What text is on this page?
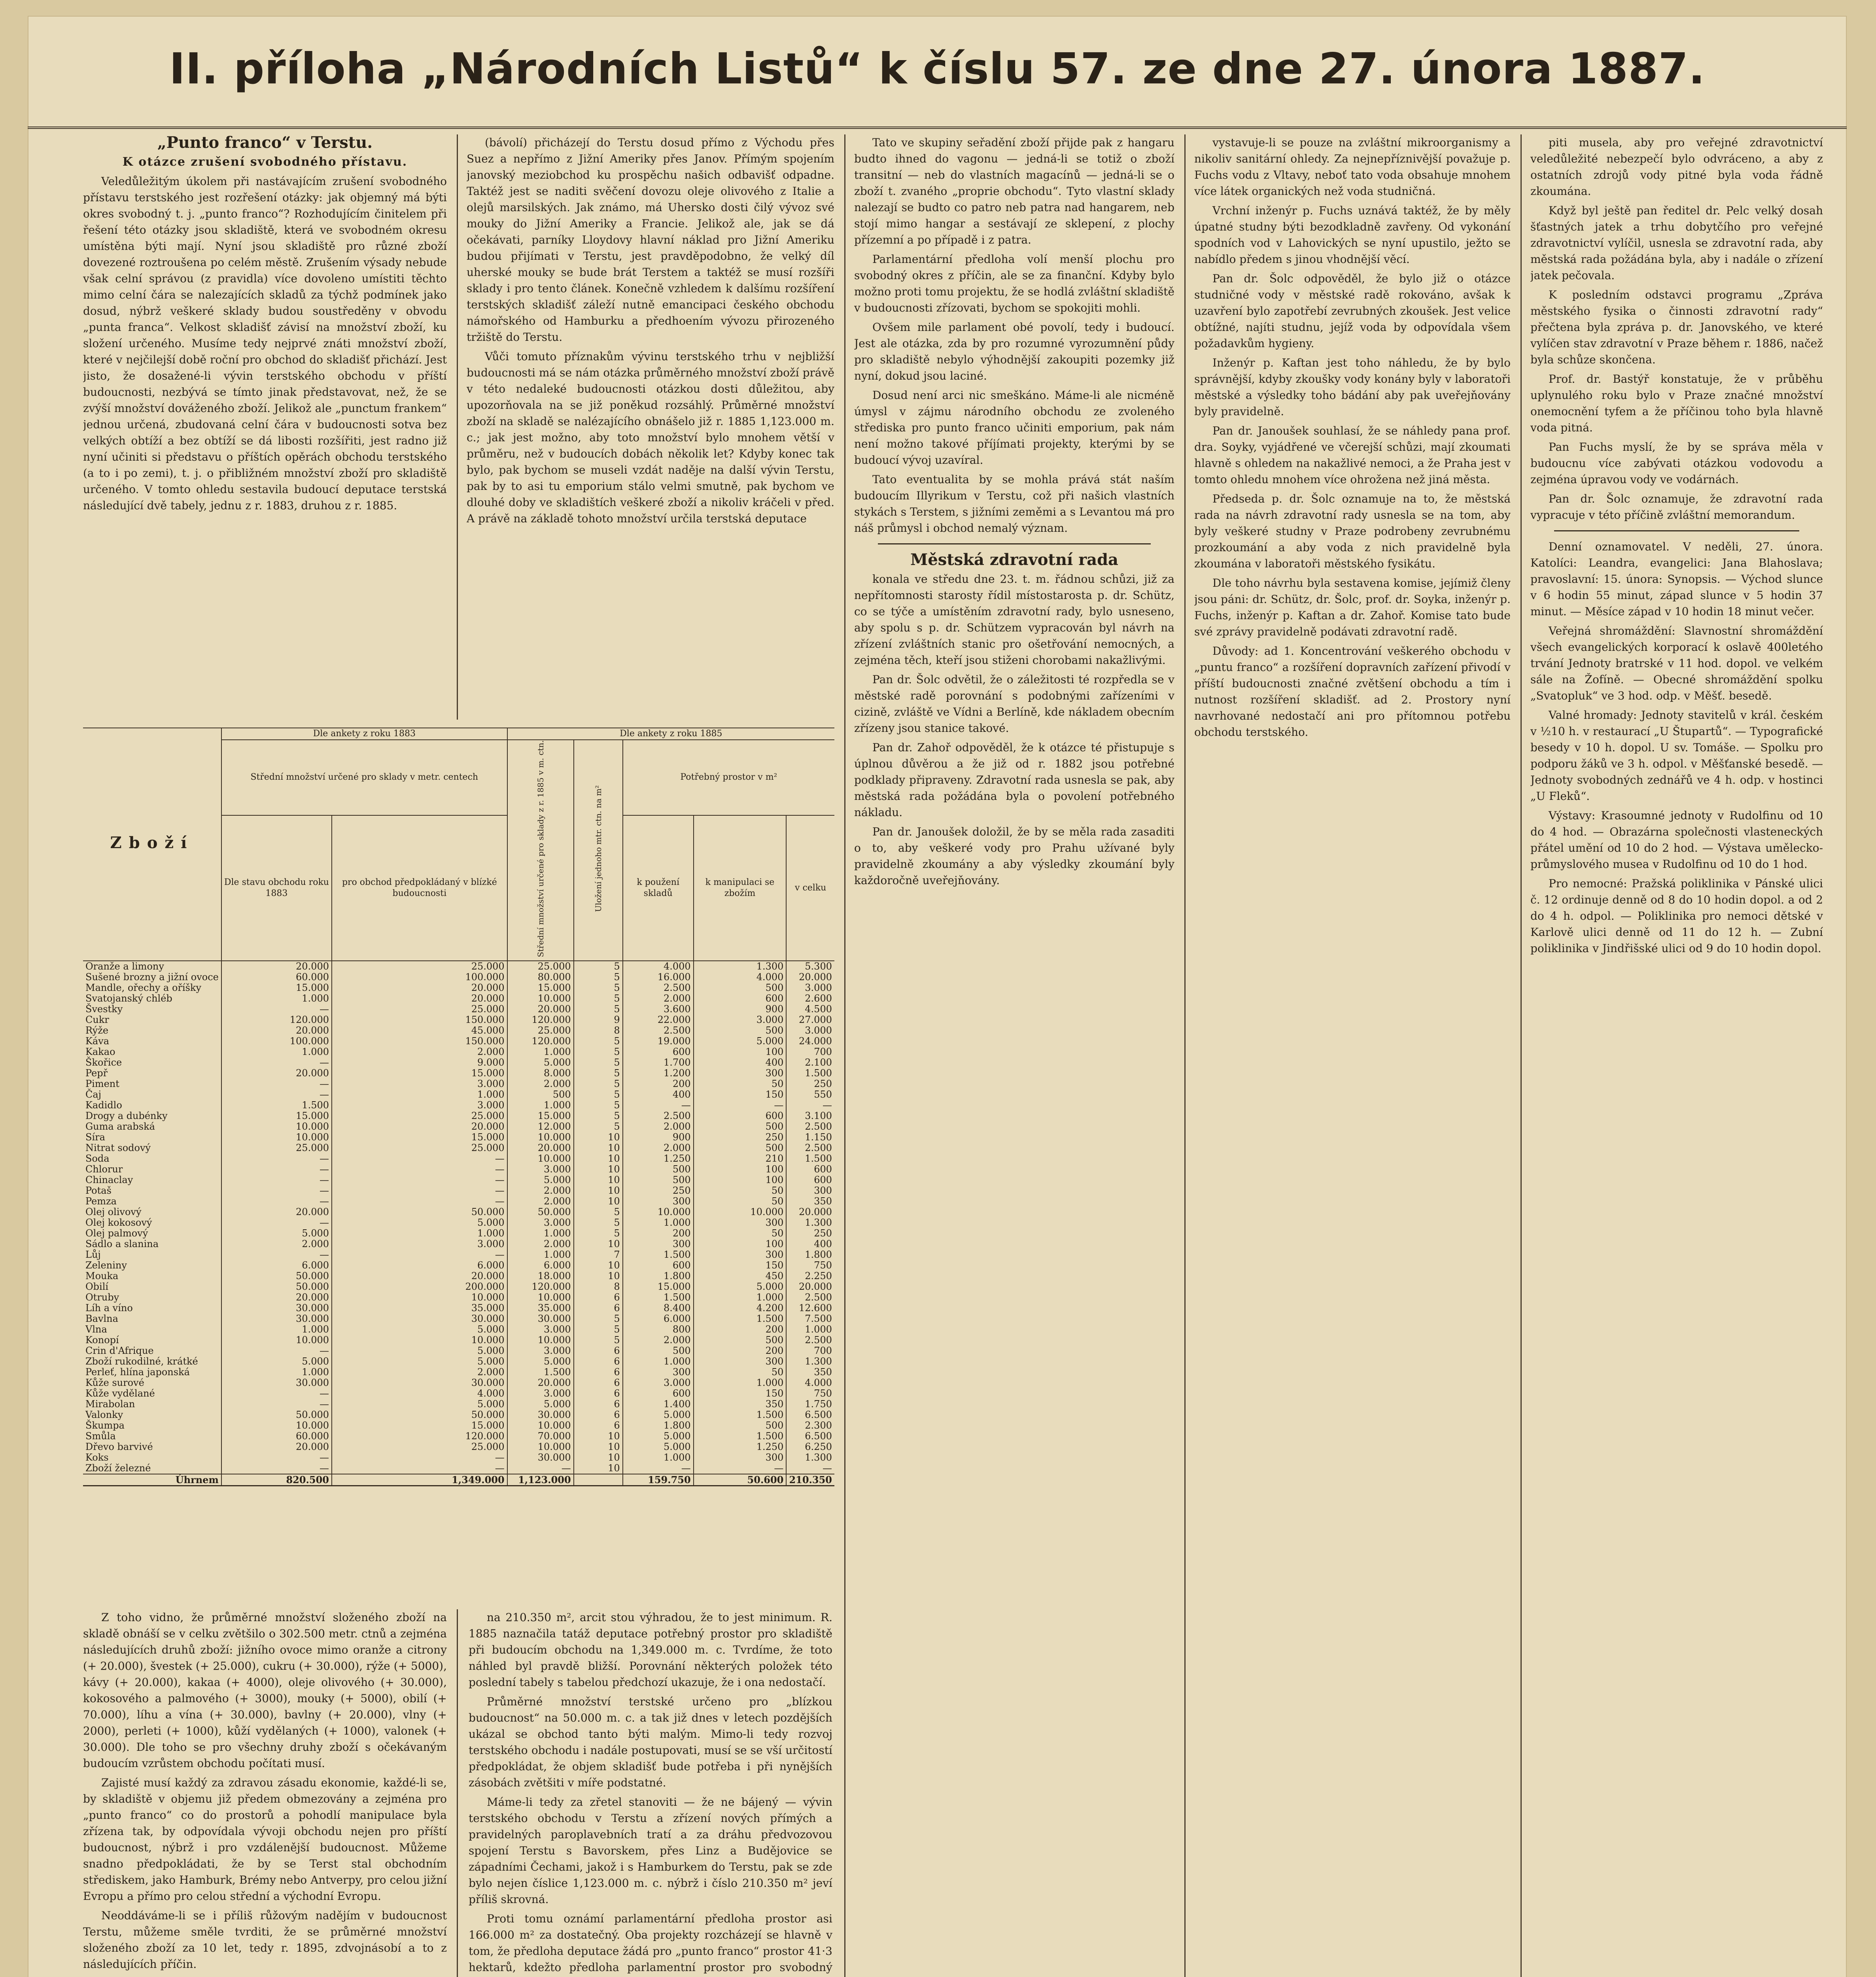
II. příloha „Národních Listů“ k číslu 57. ze dne 27. února 1887.

„Punto franco“ v Terstu.

K otázce zrušení svobodného přístavu.

Veledůležitým úkolem při nastávajícím zrušení svobodného přístavu terstského jest rozřešení otázky: jak objemný má býti okres svobodný t. j. „punto franco“? Rozhodujícím činitelem při řešení této otázky jsou skladiště, která ve svobodném okresu umístěna býti mají. Nyní jsou skladiště pro různé zboží dovezené roztroušena po celém městě. Zrušením výsady nebude však celní správou (z pravidla) více dovoleno umístiti těchto mimo celní čára se nalezajících skladů za týchž podmínek jako dosud, nýbrž veškeré sklady budou soustředěny v obvodu „punta franca“. Velkost skladišť závisí na množství zboží, ku složení určeného. Musíme tedy nejprvé znáti množství zboží, které v nejčilejší době roční pro obchod do skladišť přichází. Jest jisto, že dosažené-li vývin terstského obchodu v příští budoucnosti, nezbývá se tímto jinak představovat, než, že se zvýší množství dováženého zboží. Jelikož ale „punctum frankem“ jednou určená, zbudovaná celní čára v budoucnosti sotva bez velkých obtíží a bez obtíží se dá libosti rozšířiti, jest radno již nyní učiniti si představu o příštích opěrách obchodu terstského (a to i po zemi), t. j. o přibližném množství zboží pro skladiště určeného. V tomto ohledu sestavila budoucí deputace terstská následující dvě tabely, jednu z r. 1883, druhou z r. 1885.

(bávolí) přicházejí do Terstu dosud přímo z Východu přes Suez a nepřímo z Jižní Ameriky přes Janov. Přímým spojením janovský meziobchod ku prospěchu našich odbavišť odpadne. Taktéž jest se naditi svěčení dovozu oleje olivového z Italie a olejů marsilských. Jak známo, má Uhersko dosti čilý vývoz své mouky do Jižní Ameriky a Francie. Jelikož ale, jak se dá očekávati, parníky Lloydovy hlavní náklad pro Jižní Ameriku budou přijímati v Terstu, jest pravděpodobno, že velký díl uherské mouky se bude brát Terstem a taktéž se musí rozšíři sklady i pro tento článek. Konečně vzhledem k dalšímu rozšíření terstských skladišť záleží nutně emancipaci českého obchodu námořského od Hamburku a předhoením vývozu přirozeného tržiště do Terstu.

Vůči tomuto příznakům vývinu terstského trhu v nejbližší budoucnosti má se nám otázka průměrného množství zboží právě v této nedaleké budoucnosti otázkou dosti důležitou, aby upozorňovala na se již poněkud rozsáhlý. Průměrné množství zboží na skladě se nalézajícího obnášelo již r. 1885 1,123.000 m. c.; jak jest možno, aby toto množství bylo mnohem větší v průměru, než v budoucích dobách několik let? Kdyby konec tak bylo, pak bychom se museli vzdát naděje na další vývin Terstu, pak by to asi tu emporium stálo velmi smutně, pak bychom ve dlouhé doby ve skladištích veškeré zboží a nikoliv kráčeli v před. A právě na základě tohoto množství určila terstská deputace

Zboží	Dle ankety z roku 1883		Dle ankety z roku 1885				
	Střední množství určené pro sklady v metr. centech		Střední množství určené pro sklady z r. 1885 v m. ctn.	Uložení jednoho mtr. ctn. na m²	Potřebný prostor v m²		
	Dle stavu obchodu roku 1883	pro obchod předpokládaný v blízké budoucnosti			k použení skladů	k manipulaci se zbožím	v celku
Oranže a limony	20.000	25.000	25.000	5	4.000	1.300	5.300
Sušené brozny a jižní ovoce	60.000	100.000	80.000	5	16.000	4.000	20.000
Mandle, ořechy a oříšky	15.000	20.000	15.000	5	2.500	500	3.000
Svatojanský chléb	1.000	20.000	10.000	5	2.000	600	2.600
Švestky	—	25.000	20.000	5	3.600	900	4.500
Cukr	120.000	150.000	120.000	9	22.000	3.000	27.000
Rýže	20.000	45.000	25.000	8	2.500	500	3.000
Káva	100.000	150.000	120.000	5	19.000	5.000	24.000
Kakao	1.000	2.000	1.000	5	600	100	700
Škořice	—	9.000	5.000	5	1.700	400	2.100
Pepř	20.000	15.000	8.000	5	1.200	300	1.500
Piment	—	3.000	2.000	5	200	50	250
Čaj	—	1.000	500	5	400	150	550
Kadidlo	1.500	3.000	1.000	5	—	—	—
Drogy a dubénky	15.000	25.000	15.000	5	2.500	600	3.100
Guma arabská	10.000	20.000	12.000	5	2.000	500	2.500
Síra	10.000	15.000	10.000	10	900	250	1.150
Nitrat sodový	25.000	25.000	20.000	10	2.000	500	2.500
Soda	—	—	10.000	10	1.250	210	1.500
Chlorur	—	—	3.000	10	500	100	600
Chinaclay	—	—	5.000	10	500	100	600
Potaš	—	—	2.000	10	250	50	300
Pemza	—	—	2.000	10	300	50	350
Olej olivový	20.000	50.000	50.000	5	10.000	10.000	20.000
Olej kokosový	—	5.000	3.000	5	1.000	300	1.300
Olej palmový	5.000	1.000	1.000	5	200	50	250
Sádlo a slanina	2.000	3.000	2.000	10	300	100	400
Lůj	—	—	1.000	7	1.500	300	1.800
Zeleniny	6.000	6.000	6.000	10	600	150	750
Mouka	50.000	20.000	18.000	10	1.800	450	2.250
Obilí	50.000	200.000	120.000	8	15.000	5.000	20.000
Otruby	20.000	10.000	10.000	6	1.500	1.000	2.500
Líh a víno	30.000	35.000	35.000	6	8.400	4.200	12.600
Bavlna	30.000	30.000	30.000	5	6.000	1.500	7.500
Vlna	1.000	5.000	3.000	5	800	200	1.000
Konopí	10.000	10.000	10.000	5	2.000	500	2.500
Crin d'Afrique	—	5.000	3.000	6	500	200	700
Zboží rukodilné, krátké	5.000	5.000	5.000	6	1.000	300	1.300
Perleť, hlína japonská	1.000	2.000	1.500	6	300	50	350
Kůže surové	30.000	30.000	20.000	6	3.000	1.000	4.000
Kůže vydělané	—	4.000	3.000	6	600	150	750
Mirabolan	—	5.000	5.000	6	1.400	350	1.750
Valonky	50.000	50.000	30.000	6	5.000	1.500	6.500
Škumpa	10.000	15.000	10.000	6	1.800	500	2.300
Smůla	60.000	120.000	70.000	10	5.000	1.500	6.500
Dřevo barvivé	20.000	25.000	10.000	10	5.000	1.250	6.250
Koks	—	—	30.000	10	1.000	300	1.300
Zboží železné	—	—	—	10	—	—	—
Úhrnem	820.500	1,349.000	1,123.000		159.750	50.600	210.350

Z toho vidno, že průměrné množství složeného zboží na skladě obnáší se v celku zvětšilo o 302.500 metr. ctnů a zejména následujících druhů zboží: jižního ovoce mimo oranže a citrony (+ 20.000), švestek (+ 25.000), cukru (+ 30.000), rýže (+ 5000), kávy (+ 20.000), kakaa (+ 4000), oleje olivového (+ 30.000), kokosového a palmového (+ 3000), mouky (+ 5000), obilí (+ 70.000), líhu a vína (+ 30.000), bavlny (+ 20.000), vlny (+ 2000), perleti (+ 1000), kůží vydělaných (+ 1000), valonek (+ 30.000). Dle toho se pro všechny druhy zboží s očekávaným budoucím vzrůstem obchodu počítati musí.

Zajisté musí každý za zdravou zásadu ekonomie, každé-li se, by skladiště v objemu již předem obmezovány a zejména pro „punto franco“ co do prostorů a pohodlí manipulace byla zřízena tak, by odpovídala vývoji obchodu nejen pro příští budoucnost, nýbrž i pro vzdálenější budoucnost. Můžeme snadno předpokládati, že by se Terst stal obchodním střediskem, jako Hamburk, Brémy nebo Antverpy, pro celou jižní Evropu a přímo pro celou střední a východní Evropu.

Neoddáváme-li se i příliš růžovým nadějím v budoucnost Terstu, můžeme směle tvrditi, že se průměrné množství složeného zboží za 10 let, tedy r. 1895, zdvojnásobí a to z následujících příčin.

na 210.350 m², arcit stou výhradou, že to jest minimum. R. 1885 naznačila tatáž deputace potřebný prostor pro skladiště při budoucím obchodu na 1,349.000 m. c. Tvrdíme, že toto náhled byl pravdě bližší. Porovnání některých položek této poslední tabely s tabelou předchozí ukazuje, že i ona nedostačí.

Průměrné množství terstské určeno pro „blízkou budoucnost“ na 50.000 m. c. a tak již dnes v letech pozdějších ukázal se obchod tanto býti malým. Mimo-li tedy rozvoj terstského obchodu i nadále postupovati, musí se se vší určitostí předpokládat, že objem skladišť bude potřeba i při nynějších zásobách zvětšiti v míře podstatné.

Máme-li tedy za zřetel stanoviti — že ne bájený — vývin terstského obchodu v Terstu a zřízení nových přímých a pravidelných paroplavebních tratí a za dráhu předvozovou spojení Terstu s Bavorskem, přes Linz a Budějovice se západními Čechami, jakož i s Hamburkem do Terstu, pak se zde bylo nejen číslice 1,123.000 m. c. nýbrž i číslo 210.350 m² jeví příliš skrovná.

Proti tomu oznámí parlamentární předloha prostor asi 166.000 m² za dostatečný. Oba projekty rozcházejí se hlavně v tom, že předloha deputace žádá pro „punto franco“ prostor 41·3 hektarů, kdežto předloha parlamentní prostor pro svobodný

Tato ve skupiny seřadění zboží přijde pak z hangaru budto ihned do vagonu — jedná-li se totiž o zboží transitní — neb do vlastních magacínů — jedná-li se o zboží t. zvaného „proprie obchodu“. Tyto vlastní sklady nalezají se budto co patro neb patra nad hangarem, neb stojí mimo hangar a sestávají ze sklepení, z plochy přízemní a po případě i z patra.

Parlamentární předloha volí menší plochu pro svobodný okres z příčin, ale se za finanční. Kdyby bylo možno proti tomu projektu, že se hodlá zvláštní skladiště v budoucnosti zřízovati, bychom se spokojiti mohli.

Ovšem mile parlament obé povolí, tedy i budoucí. Jest ale otázka, zda by pro rozumné vyrozumnění půdy pro skladiště nebylo výhodnější zakoupiti pozemky již nyní, dokud jsou laciné.

Dosud není arci nic smeškáno. Máme-li ale nicméně úmysl v zájmu národního obchodu ze zvoleného střediska pro punto franco učiniti emporium, pak nám není možno takové příjímati projekty, kterými by se budoucí vývoj uzavíral.

Tato eventualita by se mohla prává stát naším budoucím Illyrikum v Terstu, což při našich vlastních stykách s Terstem, s jižními zeměmi a s Levantou má pro náš průmysl i obchod nemalý význam.

Městská zdravotní rada

konala ve středu dne 23. t. m. řádnou schůzi, již za nepřítomnosti starosty řídil místostarosta p. dr. Schütz, co se týče a umístěním zdravotní rady, bylo usneseno, aby spolu s p. dr. Schützem vypracován byl návrh na zřízení zvláštních stanic pro ošetřování nemocných, a zejména těch, kteří jsou stiženi chorobami nakažlivými.

Pan dr. Šolc odvětil, že o záležitosti té rozpředla se v městské radě porovnání s podobnými zařízeními v cizině, zvláště ve Vídni a Berlíně, kde nákladem obecním zřízeny jsou stanice takové.

Pan dr. Zahoř odpověděl, že k otázce té přistupuje s úplnou důvěrou a že již od r. 1882 jsou potřebné podklady připraveny. Zdravotní rada usnesla se pak, aby městská rada požádána byla o povolení potřebného nákladu.

Pan dr. Janoušek doložil, že by se měla rada zasaditi o to, aby veškeré vody pro Prahu užívané byly pravidelně zkoumány a aby výsledky zkoumání byly každoročně uveřejňovány.

vystavuje-li se pouze na zvláštní mikroorganismy a nikoliv sanitární ohledy. Za nejnepříznivější považuje p. Fuchs vodu z Vltavy, neboť tato voda obsahuje mnohem více látek organických než voda studničná.

Vrchní inženýr p. Fuchs uznává taktéž, že by měly úpatné studny býti bezodkladně zavřeny. Od vykonání spodních vod v Lahovických se nyní upustilo, ježto se nabídlo předem s jinou vhodnější věcí.

Pan dr. Šolc odpověděl, že bylo již o otázce studničné vody v městské radě rokováno, avšak k uzavření bylo zapotřebí zevrubných zkoušek. Jest velice obtížné, najíti studnu, jejíž voda by odpovídala všem požadavkům hygieny.

Inženýr p. Kaftan jest toho náhledu, že by bylo správnější, kdyby zkoušky vody konány byly v laboratoři městské a výsledky toho bádání aby pak uveřejňovány byly pravidelně.

Pan dr. Janoušek souhlasí, že se náhledy pana prof. dra. Soyky, vyjádřené ve včerejší schůzi, mají zkoumati hlavně s ohledem na nakažlivé nemoci, a že Praha jest v tomto ohledu mnohem více ohrožena než jiná města.

Předseda p. dr. Šolc oznamuje na to, že městská rada na návrh zdravotní rady usnesla se na tom, aby byly veškeré studny v Praze podrobeny zevrubnému prozkoumání a aby voda z nich pravidelně byla zkoumána v laboratoři městského fysikátu.

Dle toho návrhu byla sestavena komise, jejímiž členy jsou páni: dr. Schütz, dr. Šolc, prof. dr. Soyka, inženýr p. Fuchs, inženýr p. Kaftan a dr. Zahoř. Komise tato bude své zprávy pravidelně podávati zdravotní radě.

Důvody: ad 1. Koncentrování veškerého obchodu v „puntu franco“ a rozšíření dopravních zařízení přivodí v příští budoucnosti značné zvětšení obchodu a tím i nutnost rozšíření skladišť. ad 2. Prostory nyní navrhované nedostačí ani pro přítomnou potřebu obchodu terstského.

piti musela, aby pro veřejné zdravotnictví veledůležité nebezpečí bylo odvráceno, a aby z ostatních zdrojů vody pitné byla voda řádně zkoumána.

Když byl ještě pan ředitel dr. Pelc velký dosah šťastných jatek a trhu dobytčího pro veřejné zdravotnictví vylíčil, usnesla se zdravotní rada, aby městská rada požádána byla, aby i nadále o zřízení jatek pečovala.

K posledním odstavci programu „Zpráva městského fysika o činnosti zdravotní rady“ přečtena byla zpráva p. dr. Janovského, ve které vylíčen stav zdravotní v Praze během r. 1886, načež byla schůze skončena.

Prof. dr. Bastýř konstatuje, že v průběhu uplynulého roku bylo v Praze značné množství onemocnění tyfem a že příčinou toho byla hlavně voda pitná.

Pan Fuchs myslí, že by se správa měla v budoucnu více zabývati otázkou vodovodu a zejména úpravou vody ve vodárnách.

Pan dr. Šolc oznamuje, že zdravotní rada vypracuje v této příčině zvláštní memorandum.

Denní oznamovatel. V neděli, 27. února. Katolíci: Leandra, evangelici: Jana Blahoslava; pravoslavní: 15. února: Synopsis. — Východ slunce v 6 hodin 55 minut, západ slunce v 5 hodin 37 minut. — Měsíce západ v 10 hodin 18 minut večer.

Veřejná shromáždění: Slavnostní shromáždění všech evangelických korporací k oslavě 400letého trvání Jednoty bratrské v 11 hod. dopol. ve velkém sále na Žofíně. — Obecné shromáždění spolku „Svatopluk“ ve 3 hod. odp. v Měšť. besedě.

Valné hromady: Jednoty stavitelů v král. českém v ½10 h. v restaurací „U Štupartů“. — Typografické besedy v 10 h. dopol. U sv. Tomáše. — Spolku pro podporu žáků ve 3 h. odpol. v Měšťanské besedě. — Jednoty svobodných zednářů ve 4 h. odp. v hostinci „U Fleků“.

Výstavy: Krasoumné jednoty v Rudolfinu od 10 do 4 hod. — Obrazárna společnosti vlasteneckých přátel umění od 10 do 2 hod. — Výstava umělecko-průmyslového musea v Rudolfinu od 10 do 1 hod.

Pro nemocné: Pražská poliklinika v Pánské ulici č. 12 ordinuje denně od 8 do 10 hodin dopol. a od 2 do 4 h. odpol. — Poliklinika pro nemoci dětské v Karlově ulici denně od 11 do 12 h. — Zubní poliklinika v Jindřišské ulici od 9 do 10 hodin dopol.
